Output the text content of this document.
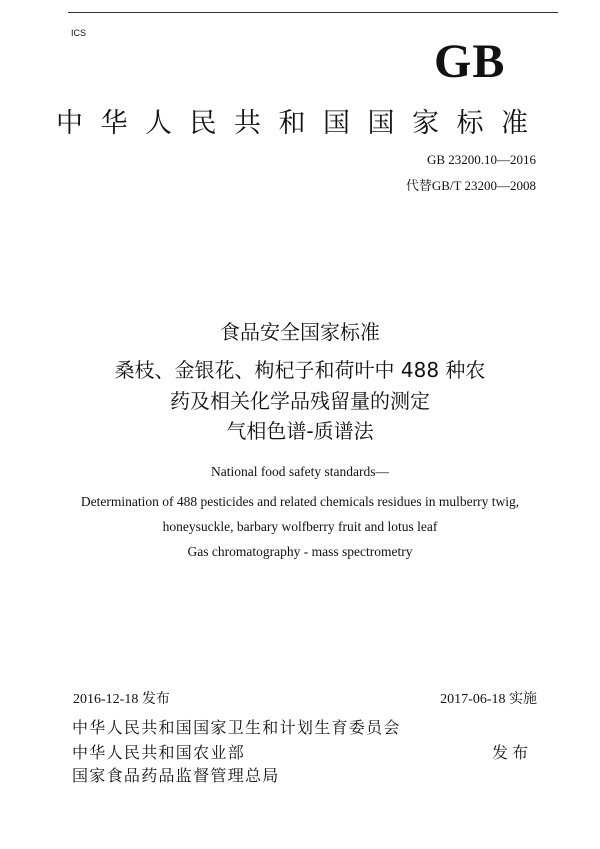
ICS
GB
中华人民共和国国家标准
GB 23200.10—2016
代替GB/T 23200—2008
食品安全国家标准
桑枝、金银花、枸杞子和荷叶中 488 种农
药及相关化学品残留量的测定
气相色谱-质谱法
National food safety standards—
Determination of 488 pesticides and related chemicals residues in mulberry twig,
honeysuckle, barbary wolfberry fruit and lotus leaf
Gas chromatography - mass spectrometry
2016-12-18 发布	2017-06-18 实施
中华人民共和国国家卫生和计划生育委员会
中华人民共和国农业部	发布
国家食品药品监督管理总局
